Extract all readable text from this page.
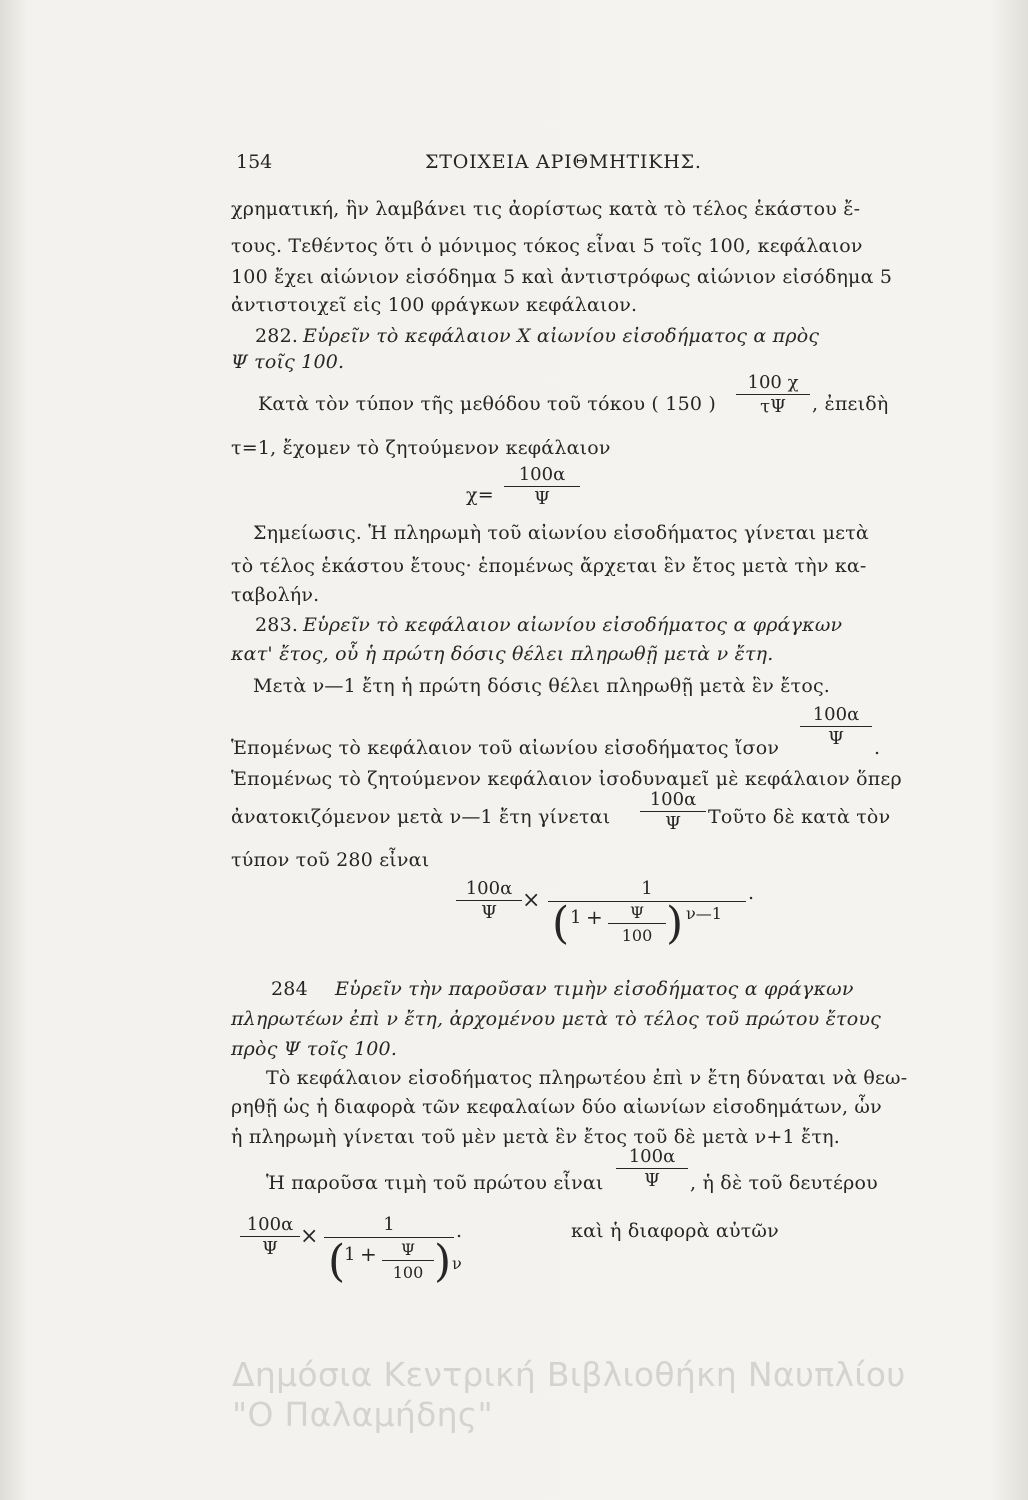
154	ΣΤΟΙΧΕΙΑ ΑΡΙΘΜΗΤΙΚΗΣ.
χρηματική, ἣν λαμβάνει τις ἀορίστως κατὰ τὸ τέλος ἑκάστου ἔ-
τους. Τεθέντος ὅτι ὁ μόνιμος τόκος εἶναι 5 τοῖς 100, κεφάλαιον
100 ἔχει αἰώνιον εἰσόδημα 5 καὶ ἀντιστρόφως αἰώνιον εἰσόδημα 5
ἀντιστοιχεῖ εἰς 100 φράγκων κεφάλαιον.
282. Εὑρεῖν τὸ κεφάλαιον Χ αἰωνίου εἰσοδήματος α πρὸς
Ψ τοῖς 100.
Κατὰ τὸν τύπον τῆς μεθόδου τοῦ τόκου ( 150 ) $\frac{100 \chi}{\tau\Psi}$ , ἐπειδὴ
τ=1, ἔχομεν τὸ ζητούμενον κεφάλαιον
$\chi= \frac{100\alpha}{\Psi}$
Σημείωσις. Ἡ πληρωμὴ τοῦ αἰωνίου εἰσοδήματος γίνεται μετὰ
τὸ τέλος ἑκάστου ἔτους· ἑπομένως ἄρχεται ἓν ἔτος μετὰ τὴν κα-
ταβολήν.
283. Εὑρεῖν τὸ κεφάλαιον αἰωνίου εἰσοδήματος α φράγκων
κατ' ἔτος, οὗ ἡ πρώτη δόσις θέλει πληρωθῇ μετὰ ν ἔτη.
Μετὰ ν—1 ἔτη ἡ πρώτη δόσις θέλει πληρωθῇ μετὰ ἓν ἔτος.
Ἑπομένως τὸ κεφάλαιον τοῦ αἰωνίου εἰσοδήματος ἴσον $\frac{100\alpha}{\Psi}$ .
Ἑπομένως τὸ ζητούμενον κεφάλαιον ἰσοδυναμεῖ μὲ κεφάλαιον ὅπερ
ἀνατοκιζόμενον μετὰ ν—1 ἔτη γίνεται $\frac{100\alpha}{\Psi}$ Τοῦτο δὲ κατὰ τὸν
τύπον τοῦ 280 εἶναι
$\frac{100\alpha}{\Psi}$ ×	1
( $1 + \frac{\Psi}{100}$ ) ν—1
.
284 Εὑρεῖν τὴν παροῦσαν τιμὴν εἰσοδήματος α φράγκων
πληρωτέων ἐπὶ ν ἔτη, ἀρχομένου μετὰ τὸ τέλος τοῦ πρώτου ἔτους
πρὸς Ψ τοῖς 100.
Τὸ κεφάλαιον εἰσοδήματος πληρωτέου ἐπὶ ν ἔτη δύναται νὰ θεω-
ρηθῇ ὡς ἡ διαφορὰ τῶν κεφαλαίων δύο αἰωνίων εἰσοδημάτων, ὧν
ἡ πληρωμὴ γίνεται τοῦ μὲν μετὰ ἓν ἔτος τοῦ δὲ μετὰ ν+1 ἔτη.
Ἡ παροῦσα τιμὴ τοῦ πρώτου εἶναι $\frac{100\alpha}{\Psi}$ , ἡ δὲ τοῦ δευτέρου
$\frac{100\alpha}{\Psi}$ ×	1
(
$1 + \frac{\Psi}{100}$ ) ν
.	καὶ ἡ διαφορὰ αὐτῶν
Δημόσια Κεντρική Βιβλιοθήκη Ναυπλίου
"Ο Παλαμήδης"
